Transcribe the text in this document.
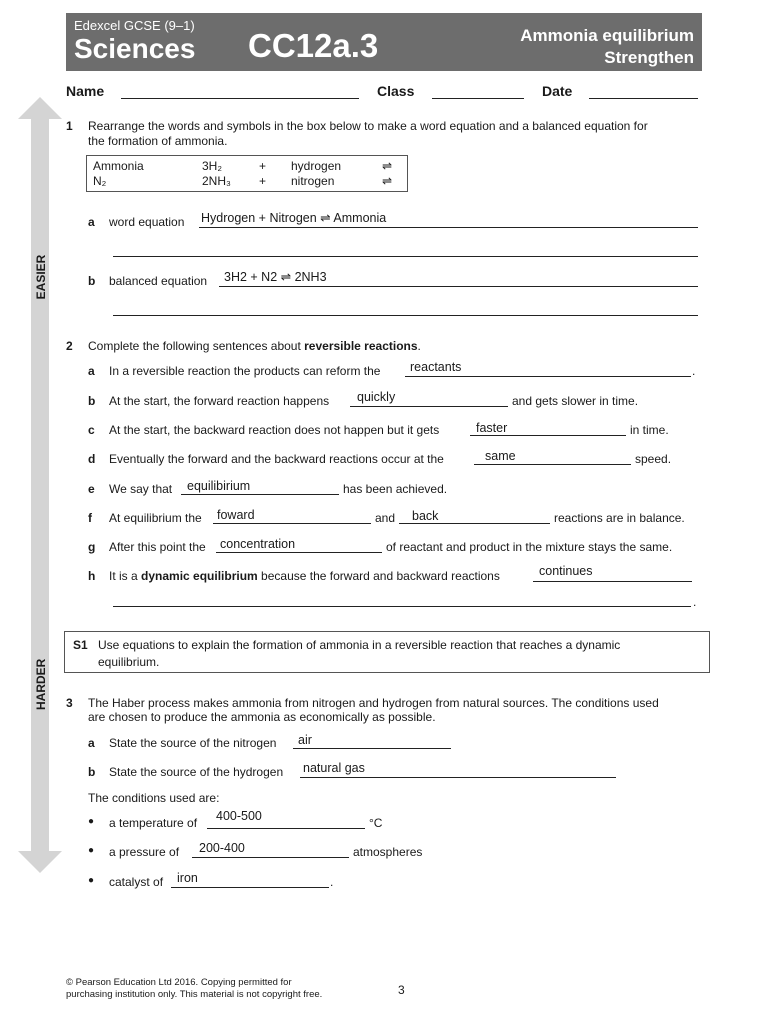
Edexcel GCSE (9–1)
Sciences CC12a.3	Ammonia equilibrium
Strengthen
Name	Class	Date
EASIER
HARDER
1 Rearrange the words and symbols in the box below to make a word equation and a balanced equation for
the formation of ammonia.
Ammonia	3H₂	+ hydrogen	⇌
N₂	2NH₃ + nitrogen	⇌
a word equation Hydrogen + Nitrogen ⇌ Ammonia
b balanced equation 3H2 + N2 ⇌ 2NH3
2 Complete the following sentences about reversible reactions.
a In a reversible reaction the products can reform the reactants	.
b At the start, the forward reaction happens quickly	and gets slower in time.
c At the start, the backward reaction does not happen but it gets	faster	in time.
d Eventually the forward and the backward reactions occur at the	same	speed.
e We say that equilibirium	has been achieved.
f At equilibrium the foward	and back	reactions are in balance.
g After this point the concentration	of reactant and product in the mixture stays the same.
h It is a dynamic equilibrium because the forward and backward reactions	continues
.
S1 Use equations to explain the formation of ammonia in a reversible reaction that reaches a dynamic
equilibrium.
3 The Haber process makes ammonia from nitrogen and hydrogen from natural sources. The conditions used
are chosen to produce the ammonia as economically as possible.
a State the source of the nitrogen air
b State the source of the hydrogen natural gas
The conditions used are:
● a temperature of 400-500	°C
● a pressure of 200-400	atmospheres
● catalyst of iron	.
© Pearson Education Ltd 2016. Copying permitted for
purchasing institution only. This material is not copyright free.	3
